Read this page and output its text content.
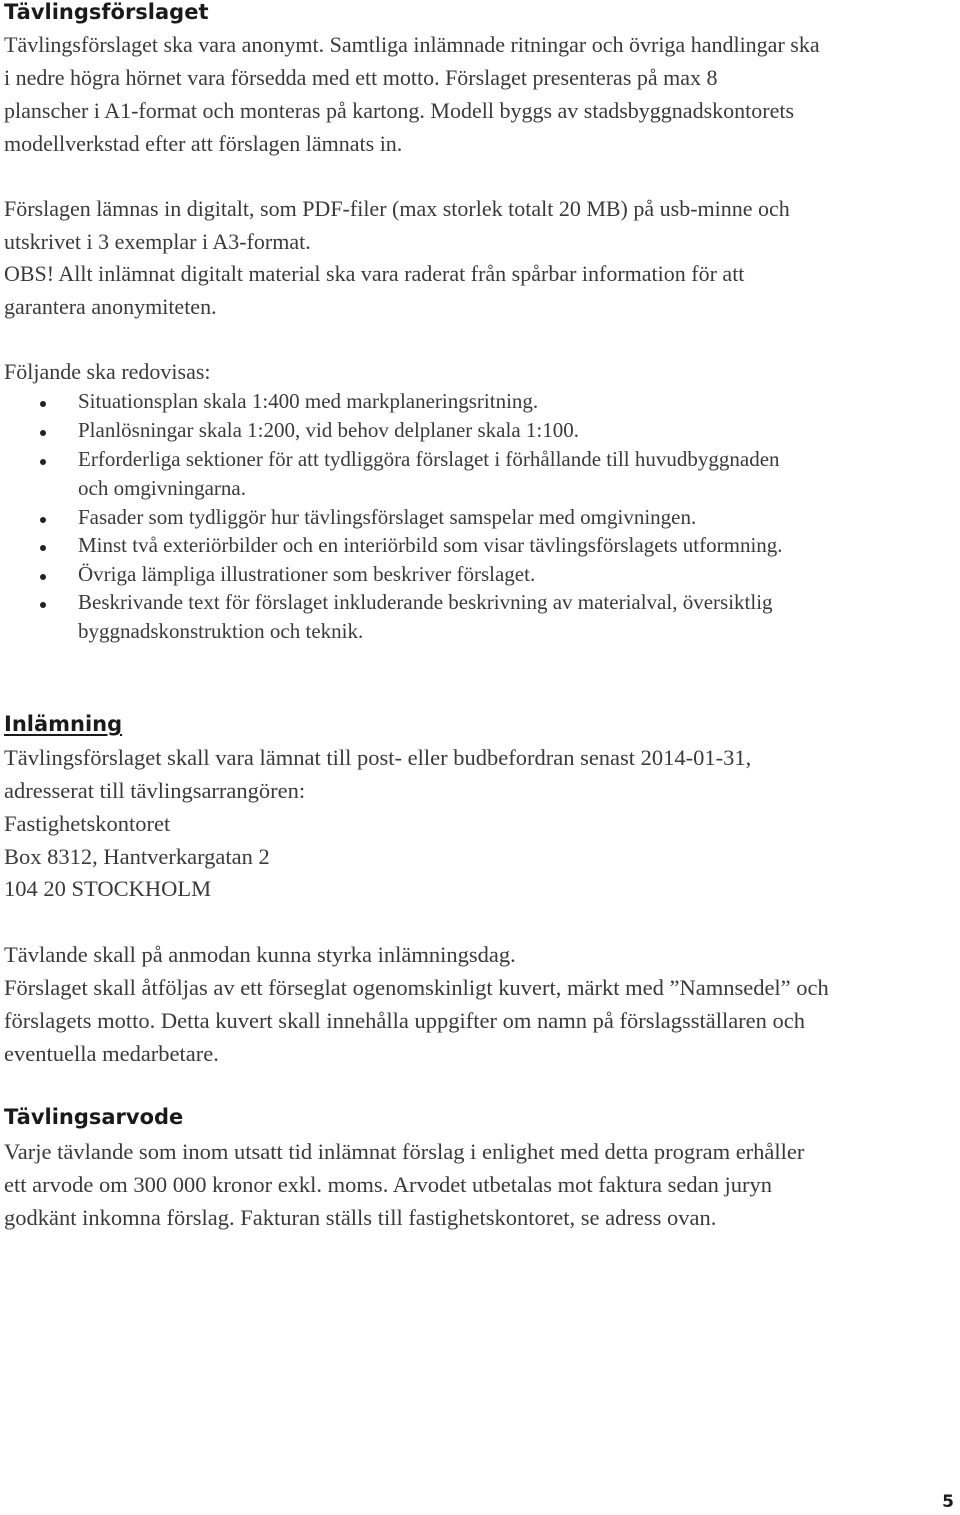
Tävlingsförslaget
Tävlingsförslaget ska vara anonymt. Samtliga inlämnade ritningar och övriga handlingar ska
i nedre högra hörnet vara försedda med ett motto. Förslaget presenteras på max 8
planscher i A1-format och monteras på kartong. Modell byggs av stadsbyggnadskontorets
modellverkstad efter att förslagen lämnats in.
Förslagen lämnas in digitalt, som PDF-filer (max storlek totalt 20 MB) på usb-minne och
utskrivet i 3 exemplar i A3-format.
OBS! Allt inlämnat digitalt material ska vara raderat från spårbar information för att
garantera anonymiteten.
Följande ska redovisas:
Situationsplan skala 1:400 med markplaneringsritning.
Planlösningar skala 1:200, vid behov delplaner skala 1:100.
Erforderliga sektioner för att tydliggöra förslaget i förhållande till huvudbyggnaden
och omgivningarna.
Fasader som tydliggör hur tävlingsförslaget samspelar med omgivningen.
Minst två exteriörbilder och en interiörbild som visar tävlingsförslagets utformning.
Övriga lämpliga illustrationer som beskriver förslaget.
Beskrivande text för förslaget inkluderande beskrivning av materialval, översiktlig
byggnadskonstruktion och teknik.
Inlämning
Tävlingsförslaget skall vara lämnat till post- eller budbefordran senast 2014-01-31,
adresserat till tävlingsarrangören:
Fastighetskontoret
Box 8312, Hantverkargatan 2
104 20 STOCKHOLM
Tävlande skall på anmodan kunna styrka inlämningsdag.
Förslaget skall åtföljas av ett förseglat ogenomskinligt kuvert, märkt med ”Namnsedel” och
förslagets motto. Detta kuvert skall innehålla uppgifter om namn på förslagsställaren och
eventuella medarbetare.
Tävlingsarvode
Varje tävlande som inom utsatt tid inlämnat förslag i enlighet med detta program erhåller
ett arvode om 300 000 kronor exkl. moms. Arvodet utbetalas mot faktura sedan juryn
godkänt inkomna förslag. Fakturan ställs till fastighetskontoret, se adress ovan.
5
